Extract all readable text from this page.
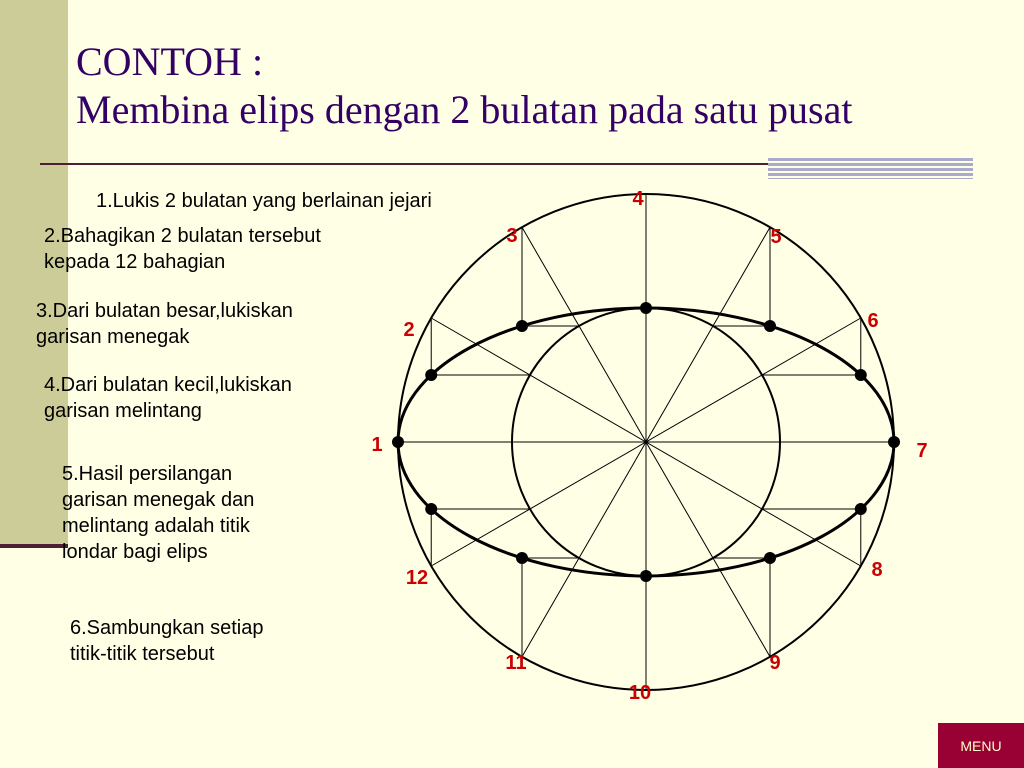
CONTOH :
Membina elips dengan 2 bulatan pada satu pusat

1.Lukis 2 bulatan yang berlainan jejari

2.Bahagikan 2 bulatan tersebut
kepada 12 bahagian

3.Dari bulatan besar,lukiskan
garisan menegak

4.Dari bulatan kecil,lukiskan
garisan melintang

5.Hasil persilangan
garisan menegak dan
melintang adalah titik
londar bagi elips

6.Sambungkan setiap
titik-titik tersebut

1
2
3
4
5
6
7
8
9
10
11
12
MENU
